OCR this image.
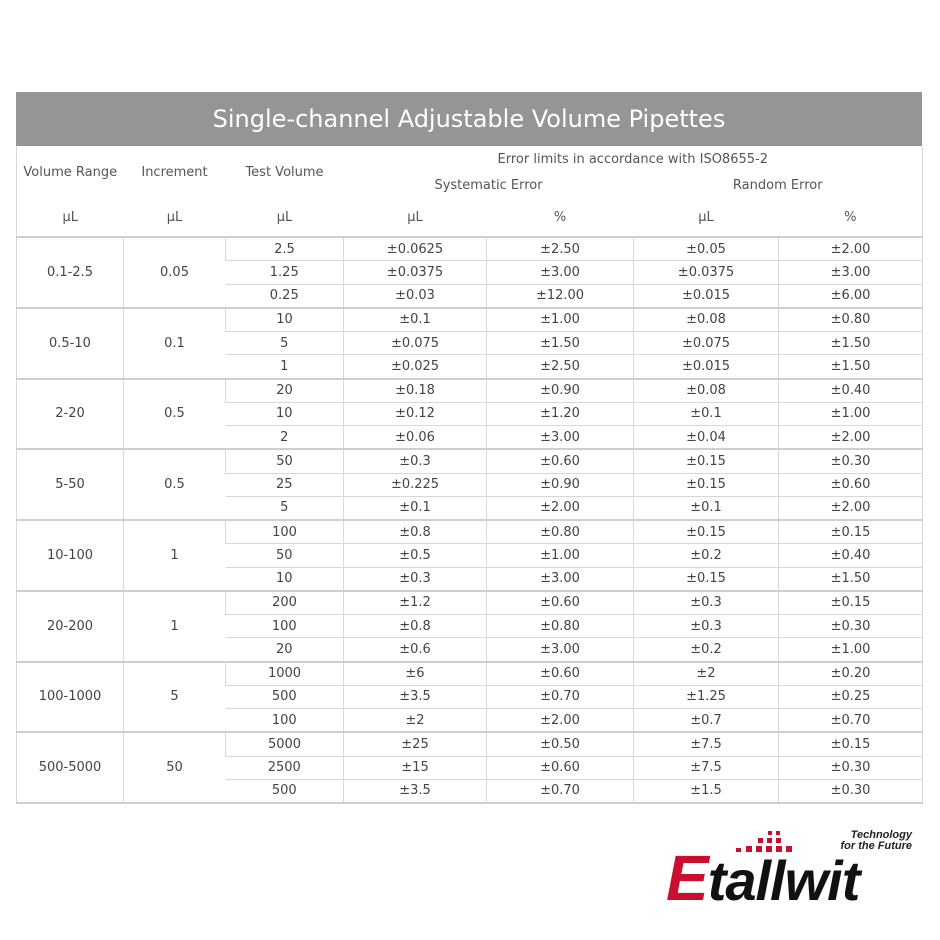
Single-channel Adjustable Volume Pipettes
Volume Range	Increment	Test Volume	Error limits in accordance with ISO8655-2			
			Systematic Error		Random Error	
μL	μL	μL	μL	%	μL	%
0.1-2.5	0.05	2.5	±0.0625	±2.50	±0.05	±2.00
		1.25	±0.0375	±3.00	±0.0375	±3.00
		0.25	±0.03	±12.00	±0.015	±6.00
0.5-10	0.1	10	±0.1	±1.00	±0.08	±0.80
		5	±0.075	±1.50	±0.075	±1.50
		1	±0.025	±2.50	±0.015	±1.50
2-20	0.5	20	±0.18	±0.90	±0.08	±0.40
		10	±0.12	±1.20	±0.1	±1.00
		2	±0.06	±3.00	±0.04	±2.00
5-50	0.5	50	±0.3	±0.60	±0.15	±0.30
		25	±0.225	±0.90	±0.15	±0.60
		5	±0.1	±2.00	±0.1	±2.00
10-100	1	100	±0.8	±0.80	±0.15	±0.15
		50	±0.5	±1.00	±0.2	±0.40
		10	±0.3	±3.00	±0.15	±1.50
20-200	1	200	±1.2	±0.60	±0.3	±0.15
		100	±0.8	±0.80	±0.3	±0.30
		20	±0.6	±3.00	±0.2	±1.00
100-1000	5	1000	±6	±0.60	±2	±0.20
		500	±3.5	±0.70	±1.25	±0.25
		100	±2	±2.00	±0.7	±0.70
500-5000	50	5000	±25	±0.50	±7.5	±0.15
		2500	±15	±0.60	±7.5	±0.30
		500	±3.5	±0.70	±1.5	±0.30
Technology
for the Future
Etallwit
